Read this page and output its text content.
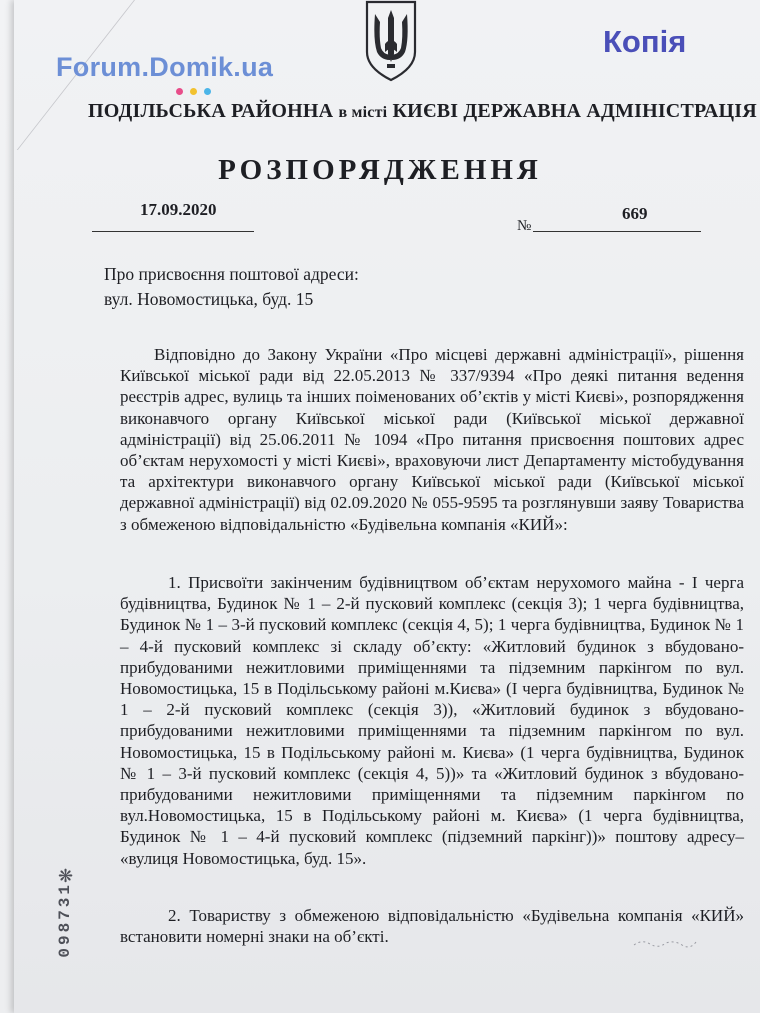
Forum.Domik.ua
Копія
ПОДІЛЬСЬКА РАЙОННА в місті КИЄВІ ДЕРЖАВНА АДМІНІСТРАЦІЯ
РОЗПОРЯДЖЕННЯ
17.09.2020
№
669
Про присвоєння поштової адреси:
вул. Новомостицька, буд. 15

Відповідно до Закону України «Про місцеві державні адміністрації», рішення Київської міської ради від 22.05.2013 № 337/9394 «Про деякі питання ведення реєстрів адрес, вулиць та інших поіменованих об’єктів у місті Києві», розпорядження виконавчого органу Київської міської ради (Київської міської державної адміністрації) від 25.06.2011 № 1094 «Про питання присвоєння поштових адрес об’єктам нерухомості у місті Києві», враховуючи лист Департаменту містобудування та архітектури виконавчого органу Київської міської ради (Київської міської державної адміністрації) від 02.09.2020 № 055-9595 та розглянувши заяву Товариства з обмеженою відповідальністю «Будівельна компанія «КИЙ»:

1. Присвоїти закінченим будівництвом об’єктам нерухомого майна - І черга будівництва, Будинок № 1 – 2-й пусковий комплекс (секція 3); 1 черга будівництва, Будинок № 1 – 3-й пусковий комплекс (секція 4, 5); 1 черга будівництва, Будинок № 1 – 4-й пусковий комплекс зі складу об’єкту: «Житловий будинок з вбудовано-прибудованими нежитловими приміщеннями та підземним паркінгом по вул. Новомостицька, 15 в Подільському районі м.Києва» (І черга будівництва, Будинок № 1 – 2-й пусковий комплекс (секція 3)), «Житловий будинок з вбудовано-прибудованими нежитловими приміщеннями та підземним паркінгом по вул. Новомостицька, 15 в Подільському районі м. Києва» (1 черга будівництва, Будинок № 1 – 3-й пусковий комплекс (секція 4, 5))» та «Житловий будинок з вбудовано-прибудованими нежитловими приміщеннями та підземним паркінгом по вул.Новомостицька, 15 в Подільському районі м. Києва» (1 черга будівництва, Будинок № 1 – 4-й пусковий комплекс (підземний паркінг))» поштову адресу– «вулиця Новомостицька, буд. 15».

2. Товариству з обмеженою відповідальністю «Будівельна компанія «КИЙ» встановити номерні знаки на об’єкті.

❋
098731
